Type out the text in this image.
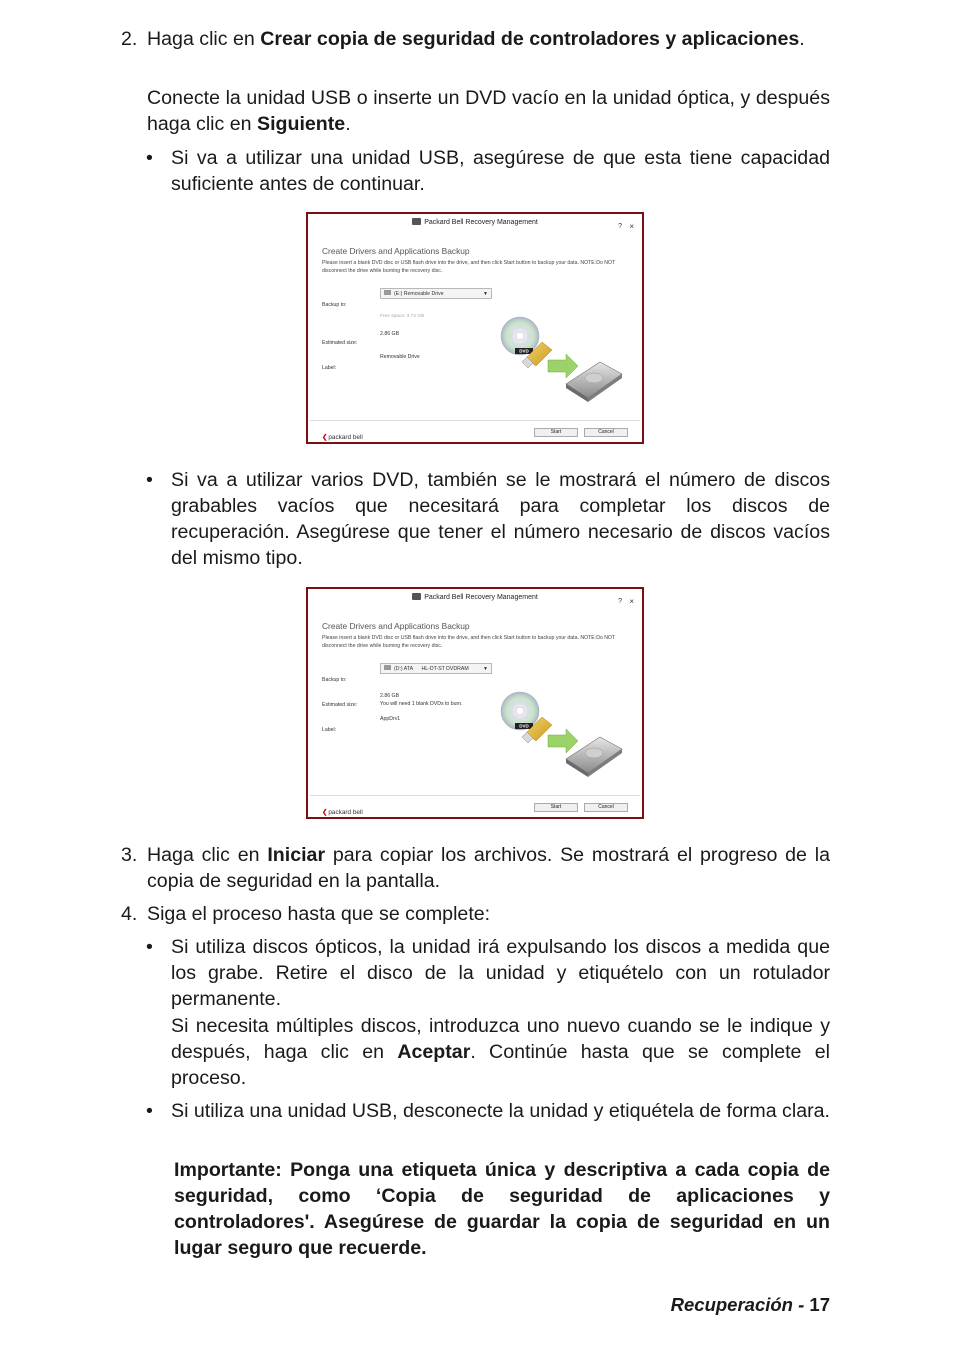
2. Haga clic en Crear copia de seguridad de controladores y aplicaciones.
Conecte la unidad USB o inserte un DVD vacío en la unidad óptica, y después haga clic en Siguiente.
• Si va a utilizar una unidad USB, asegúrese de que esta tiene capacidad suficiente antes de continuar.
Packard Bell Recovery Management
? ×
Create Drivers and Applications Backup
Please insert a blank DVD disc or USB flash drive into the drive, and then click Start button to backup your data. NOTE:Do NOT disconnect the drive while burning the recovery disc.
Backup to:
(E:) Removable Drive	▼
Free space: 3.72 GB
Estimated size:
2.86 GB
Label:
Removable Drive
DVD
❮packard bell
Start	Cancel
• Si va a utilizar varios DVD, también se le mostrará el número de discos grabables vacíos que necesitará para completar los discos de recuperación. Asegúrese que tener el número necesario de discos vacíos del mismo tipo.
Packard Bell Recovery Management
? ×
Create Drivers and Applications Backup
Please insert a blank DVD disc or USB flash drive into the drive, and then click Start button to backup your data. NOTE:Do NOT disconnect the drive while burning the recovery disc.
Backup to:
(D:) ATA      HL-DT-ST DVDRAM	▼
Estimated size:
2.86 GB
You will need 1 blank DVDs to burn.
Label:
AppDrv1
DVD
❮packard bell
Start	Cancel
3. Haga clic en Iniciar para copiar los archivos. Se mostrará el progreso de la copia de seguridad en la pantalla.
4. Siga el proceso hasta que se complete:
• Si utiliza discos ópticos, la unidad irá expulsando los discos a medida que los grabe. Retire el disco de la unidad y etiquételo con un rotulador permanente.
Si necesita múltiples discos, introduzca uno nuevo cuando se le indique y después, haga clic en Aceptar. Continúe hasta que se complete el proceso.
• Si utiliza una unidad USB, desconecte la unidad y etiquétela de forma clara.
Importante: Ponga una etiqueta única y descriptiva a cada copia de seguridad, como ‘Copia de seguridad de aplicaciones y controladores'. Asegúrese de guardar la copia de seguridad en un lugar seguro que recuerde.
Recuperación - 17
